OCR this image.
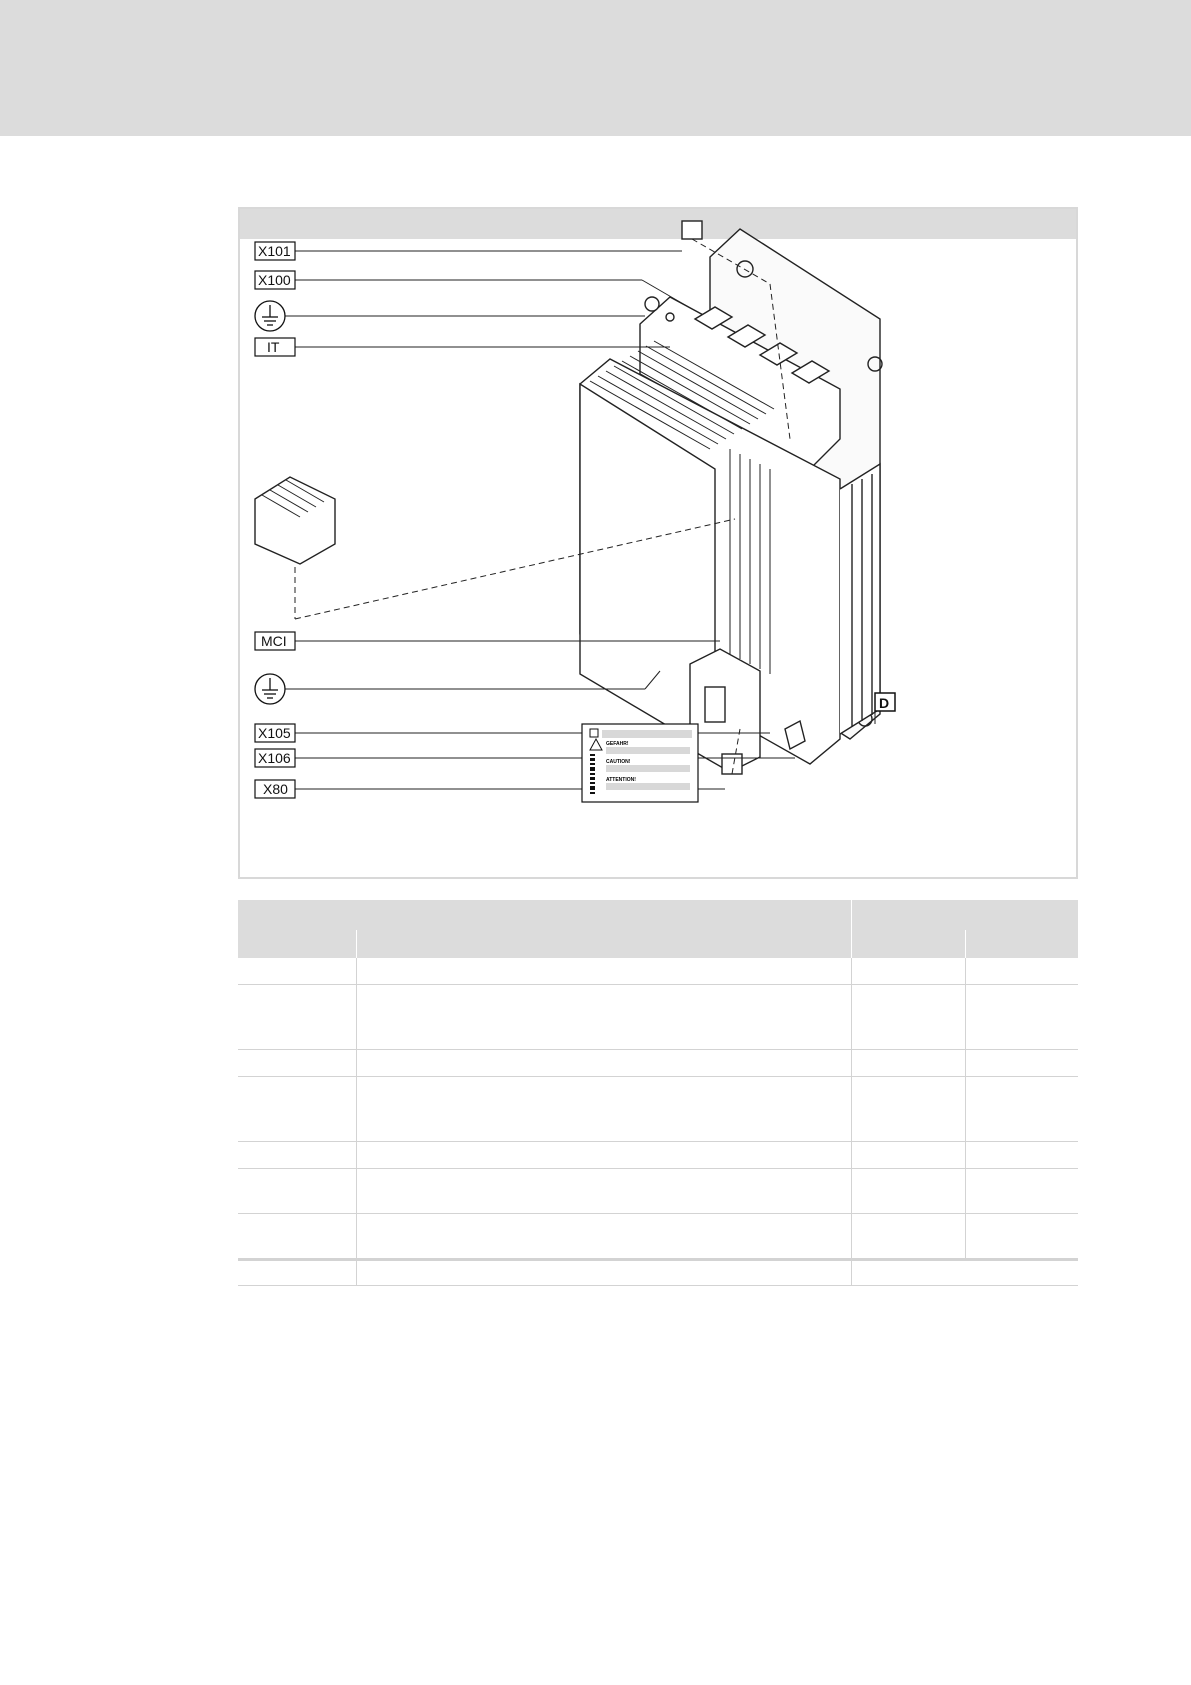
X101
X100
IT
MCI
X105
X106
X80
D
GEFAHR!
CAUTION!
ATTENTION!
